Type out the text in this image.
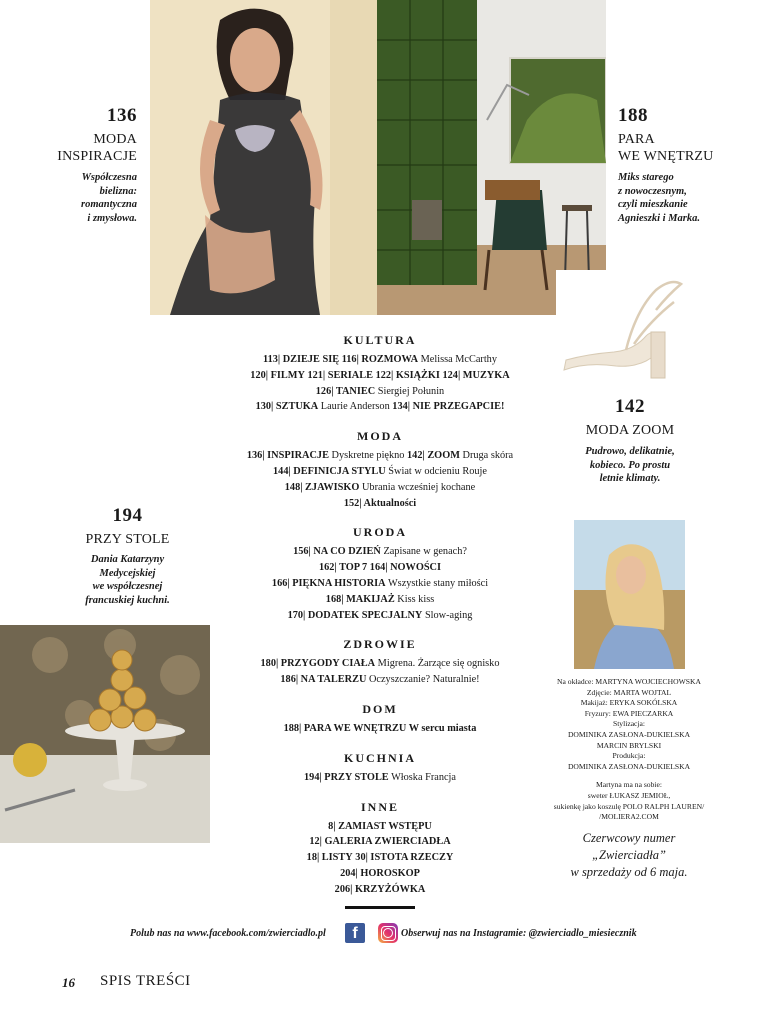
136
MODA
INSPIRACJE
Współczesna
bielizna:
romantyczna
i zmysłowa.
188
PARA
WE WNĘTRZU
Miks starego
z nowoczesnym,
czyli mieszkanie
Agnieszki i Marka.
142
MODA ZOOM
Pudrowo, delikatnie,
kobieco. Po prostu
letnie klimaty.
194
PRZY STOLE
Dania Katarzyny
Medycejskiej
we współczesnej
francuskiej kuchni.
KULTURA
113| DZIEJE SIĘ 116| ROZMOWA Melissa McCarthy
120| FILMY 121| SERIALE 122| KSIĄŻKI 124| MUZYKA
126| TANIEC Siergiej Połunin
130| SZTUKA Laurie Anderson 134| NIE PRZEGAPCIE!
MODA
136| INSPIRACJE Dyskretne piękno 142| ZOOM Druga skóra
144| DEFINICJA STYLU Świat w odcieniu Rouje
148| ZJAWISKO Ubrania wcześniej kochane
152| Aktualności
URODA
156| NA CO DZIEŃ Zapisane w genach?
162| TOP 7 164| NOWOŚCI
166| PIĘKNA HISTORIA Wszystkie stany miłości
168| MAKIJAŻ Kiss kiss
170| DODATEK SPECJALNY Slow-aging
ZDROWIE
180| PRZYGODY CIAŁA Migrena. Żarzące się ognisko
186| NA TALERZU Oczyszczanie? Naturalnie!
DOM
188| PARA WE WNĘTRZU W sercu miasta
KUCHNIA
194| PRZY STOLE Włoska Francja
INNE
8| ZAMIAST WSTĘPU
12| GALERIA ZWIERCIADŁA
18| LISTY 30| ISTOTA RZECZY
204| HOROSKOP
206| KRZYŻÓWKA
Na okładce: MARTYNA WOJCIECHOWSKA
Zdjęcie: MARTA WOJTAL
Makijaż: ERYKA SOKÓLSKA
Fryzury: EWA PIECZARKA
Stylizacja:
DOMINIKA ZASŁONA-DUKIELSKA
MARCIN BRYLSKI
Produkcja:
DOMINIKA ZASŁONA-DUKIELSKA
Martyna ma na sobie:
sweter ŁUKASZ JEMIOŁ,
sukienkę jako koszulę POLO RALPH LAUREN/
/MOLIERA2.COM
Czerwcowy numer
„Zwierciadła”
w sprzedaży od 6 maja.
Polub nas na www.facebook.com/zwierciadlo.pl	f	Obserwuj nas na Instagramie: @zwierciadlo_miesiecznik
16 SPIS TREŚCI
